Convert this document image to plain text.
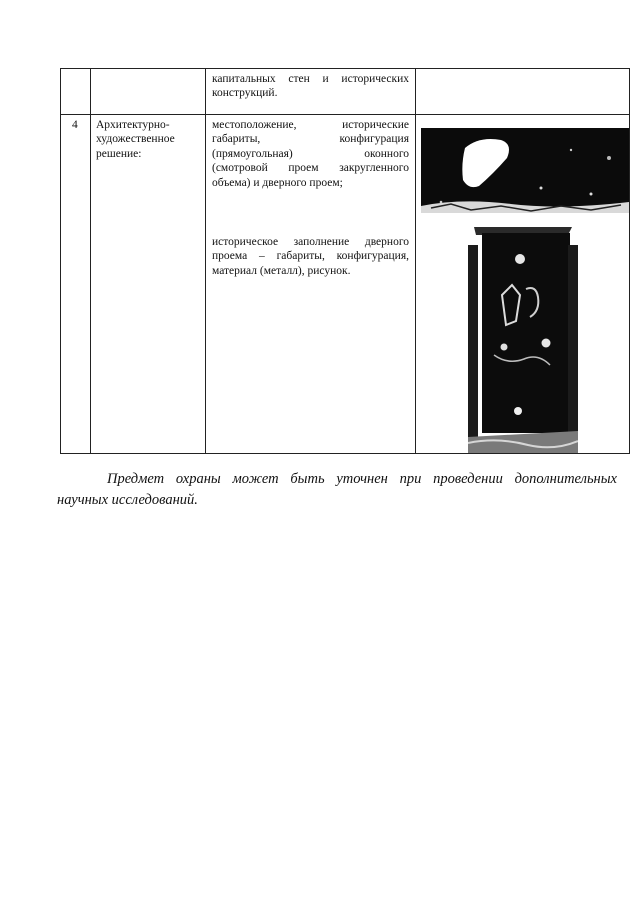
капитальных стен и исторических
конструкций.
4 Архитектурно-
художественное
решение:
местоположение, исторические
габариты, конфигурация
(прямоугольная) оконного
(смотровой проем закругленного
объема) и дверного проем;
историческое заполнение дверного
проема – габариты, конфигурация,
материал (металл), рисунок.
Предмет охраны может быть уточнен при проведении дополнительных
научных исследований.
